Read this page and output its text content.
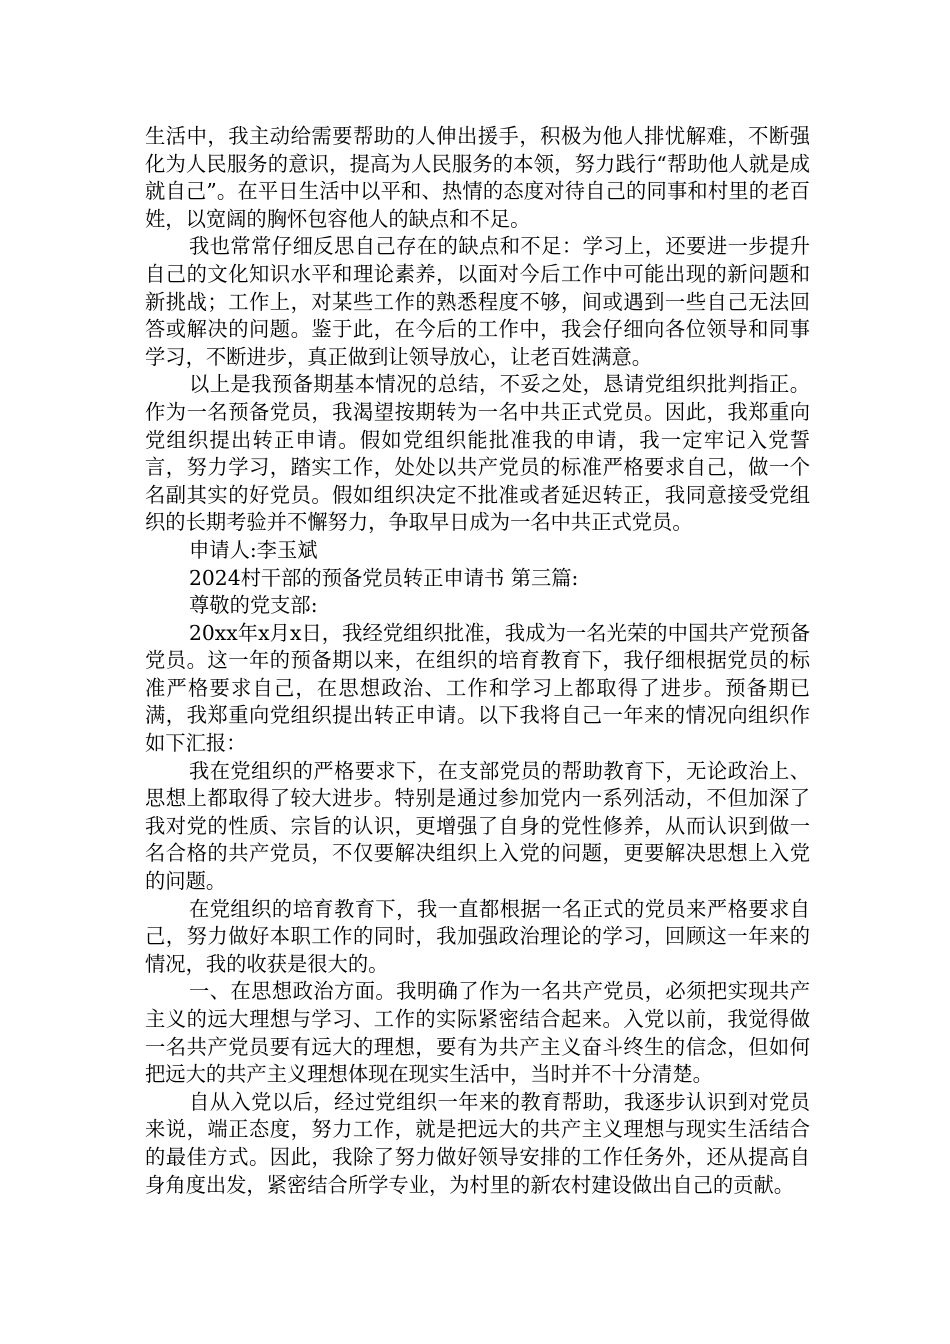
生活中，我主动给需要帮助的人伸出援手，积极为他人排忧解难，不断强化为人民服务的意识，提高为人民服务的本领，努力践行“帮助他人就是成就自己”。在平日生活中以平和、热情的态度对待自己的同事和村里的老百姓，以宽阔的胸怀包容他人的缺点和不足。

我也常常仔细反思自己存在的缺点和不足：学习上，还要进一步提升自己的文化知识水平和理论素养，以面对今后工作中可能出现的新问题和新挑战；工作上，对某些工作的熟悉程度不够，间或遇到一些自己无法回答或解决的问题。鉴于此，在今后的工作中，我会仔细向各位领导和同事学习，不断进步，真正做到让领导放心，让老百姓满意。

以上是我预备期基本情况的总结，不妥之处，恳请党组织批判指正。作为一名预备党员，我渴望按期转为一名中共正式党员。因此，我郑重向党组织提出转正申请。假如党组织能批准我的申请，我一定牢记入党誓言，努力学习，踏实工作，处处以共产党员的标准严格要求自己，做一个名副其实的好党员。假如组织决定不批准或者延迟转正，我同意接受党组织的长期考验并不懈努力，争取早日成为一名中共正式党员。

申请人:李玉斌

2024村干部的预备党员转正申请书 第三篇:

尊敬的党支部:

20xx年x月x日，我经党组织批准，我成为一名光荣的中国共产党预备党员。这一年的预备期以来，在组织的培育教育下，我仔细根据党员的标准严格要求自己，在思想政治、工作和学习上都取得了进步。预备期已满，我郑重向党组织提出转正申请。以下我将自己一年来的情况向组织作如下汇报：

我在党组织的严格要求下，在支部党员的帮助教育下，无论政治上、思想上都取得了较大进步。特别是通过参加党内一系列活动，不但加深了我对党的性质、宗旨的认识，更增强了自身的党性修养，从而认识到做一名合格的共产党员，不仅要解决组织上入党的问题，更要解决思想上入党的问题。

在党组织的培育教育下，我一直都根据一名正式的党员来严格要求自己，努力做好本职工作的同时，我加强政治理论的学习，回顾这一年来的情况，我的收获是很大的。

一、在思想政治方面。我明确了作为一名共产党员，必须把实现共产主义的远大理想与学习、工作的实际紧密结合起来。入党以前，我觉得做一名共产党员要有远大的理想，要有为共产主义奋斗终生的信念，但如何把远大的共产主义理想体现在现实生活中，当时并不十分清楚。

自从入党以后，经过党组织一年来的教育帮助，我逐步认识到对党员来说，端正态度，努力工作，就是把远大的共产主义理想与现实生活结合的最佳方式。因此，我除了努力做好领导安排的工作任务外，还从提高自身角度出发，紧密结合所学专业，为村里的新农村建设做出自己的贡献。
